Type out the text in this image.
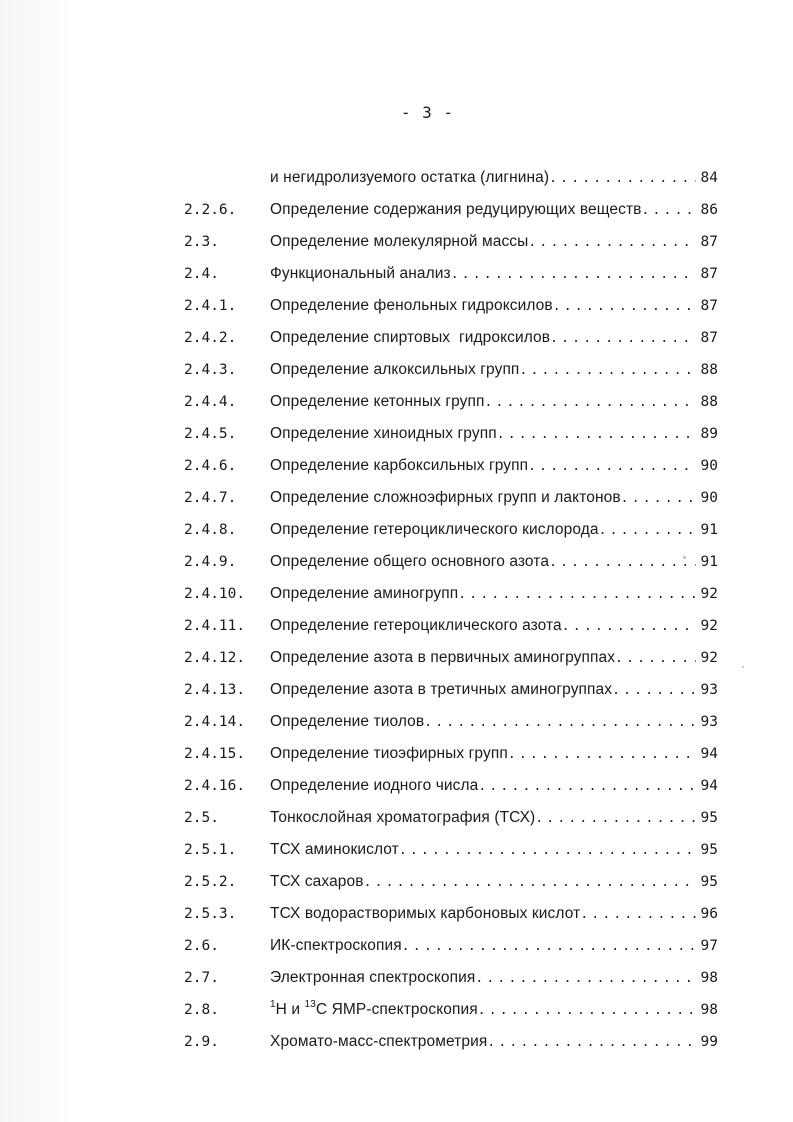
- 3 -
и негидролизуемого остатка (лигнина) .....	84
2.2.6. Определение содержания редуцирующих веществ .....	86
2.3.	Определение молекулярной массы .....	87
2.4.	Функциональный анализ .....	87
2.4.1. Определение фенольных гидроксилов .....	87
2.4.2. Определение спиртовых  гидроксилов .....	87
2.4.3. Определение алкоксильных групп .....	88
2.4.4. Определение кетонных групп .....	88
2.4.5. Определение хиноидных групп .....	89
2.4.6. Определение карбоксильных групп .....	90
2.4.7. Определение сложноэфирных групп и лактонов .....	90
2.4.8. Определение гетероциклического кислорода .....	91
2.4.9. Определение общего основного азота .....	91
2.4.10. Определение аминогрупп .....	92
2.4.11. Определение гетероциклического азота .....	92
2.4.12. Определение азота в первичных аминогруппах .....	92
2.4.13. Определение азота в третичных аминогруппах .....	93
2.4.14. Определение тиолов .....	93
2.4.15. Определение тиоэфирных групп .....	94
2.4.16. Определение иодного числа .....	94
2.5.	Тонкослойная хроматография (ТСХ) .....	95
2.5.1. ТСХ аминокислот .....	95
2.5.2. ТСХ сахаров .....	95
2.5.3. ТСХ водорастворимых карбоновых кислот .....	96
2.6.	ИК-спектроскопия .....	97
2.7.	Электронная спектроскопия .....	98
2.8.	$^1$Н и $^{13}$С ЯМР-спектроскопия .....	98
2.9.	Хромато-масс-спектрометрия .....	99
